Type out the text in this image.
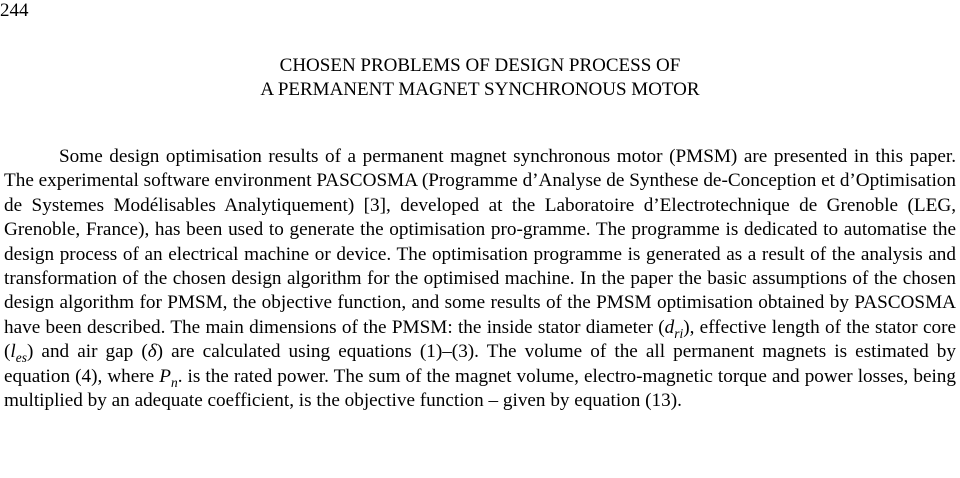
244
CHOSEN PROBLEMS OF DESIGN PROCESS OF
A PERMANENT MAGNET SYNCHRONOUS MOTOR

Some design optimisation results of a permanent magnet synchronous motor (PMSM) are presented in this paper. The experimental software environment PASCOSMA (Programme d’Analyse de Synthese de-Conception et d’Optimisation de Systemes Modélisables Analytiquement) [3], developed at the Laboratoire d’Electrotechnique de Grenoble (LEG, Grenoble, France), has been used to generate the optimisation pro-gramme. The programme is dedicated to automatise the design process of an electrical machine or device. The optimisation programme is generated as a result of the analysis and transformation of the chosen design algorithm for the optimised machine. In the paper the basic assumptions of the chosen design algorithm for PMSM, the objective function, and some results of the PMSM optimisation obtained by PASCOSMA have been described. The main dimensions of the PMSM: the inside stator diameter $(d_{ri})$, effective length of the stator core $(l_{es})$ and air gap (δ) are calculated using equations (1)–(3). The volume of the all permanent magnets is estimated by equation (4), where $P_n$. is the rated power. The sum of the magnet volume, electro-magnetic torque and power losses, being multiplied by an adequate coefficient, is the objective function – given by equation (13).
